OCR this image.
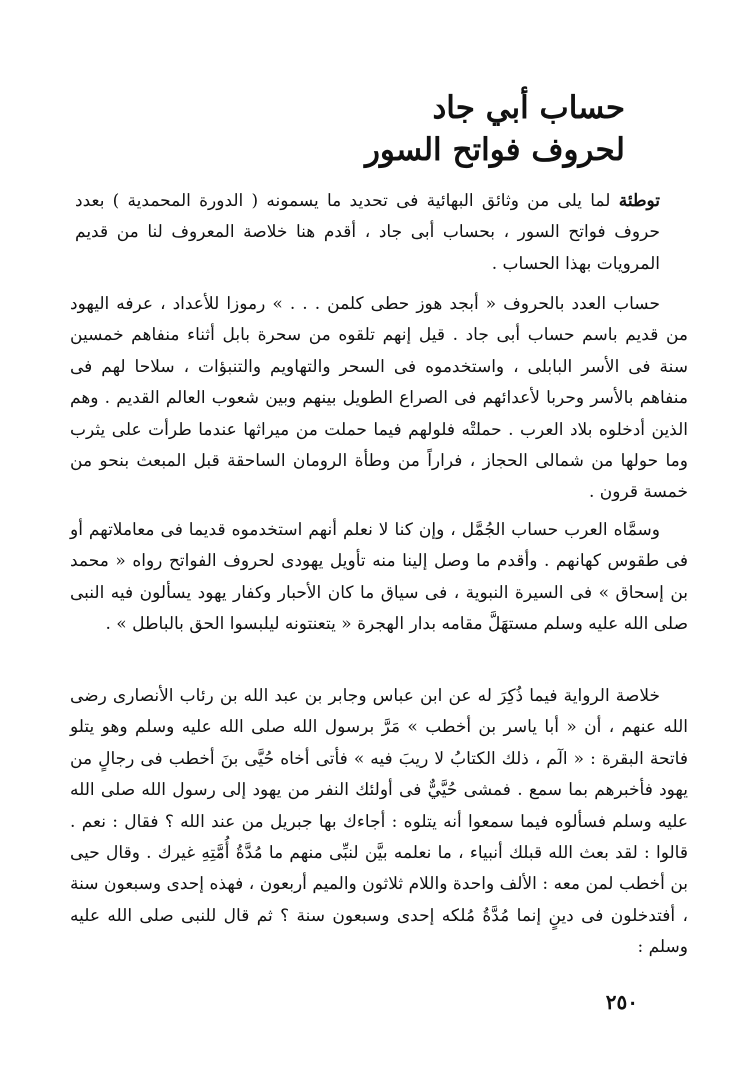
حساب أبي جاد
لحروف فواتح السور
توطئة لما يلى من وثائق البهائية فى تحديد ما يسمونه ( الدورة المحمدية ) بعدد حروف فواتح السور ، بحساب أبى جاد ، أقدم هنا خلاصة المعروف لنا من قديم المرويات بهذا الحساب .
حساب العدد بالحروف « أبجد هوز حطى كلمن . . . » رموزا للأعداد ، عرفه اليهود من قديم باسم حساب أبى جاد . قيل إنهم تلقوه من سحرة بابل أثناء منفاهم خمسين سنة فى الأسر البابلى ، واستخدموه فى السحر والتهاويم والتنبؤات ، سلاحا لهم فى منفاهم بالأسر وحربا لأعدائهم فى الصراع الطويل بينهم وبين شعوب العالم القديم . وهم الذين أدخلوه بلاد العرب . حملتْه فلولهم فيما حملت من ميراثها عندما طرأت على يثرب وما حولها من شمالى الحجاز ، فراراً من وطأة الرومان الساحقة قبل المبعث بنحو من خمسة قرون .
وسمَّاه العرب حساب الجُمَّل ، وإن كنا لا نعلم أنهم استخدموه قديما فى معاملاتهم أو فى طقوس كهانهم . وأقدم ما وصل إلينا منه تأويل يهودى لحروف الفواتح رواه « محمد بن إسحاق » فى السيرة النبوية ، فى سياق ما كان الأحبار وكفار يهود يسألون فيه النبى صلى الله عليه وسلم مستهَلَّ مقامه بدار الهجرة « يتعنتونه ليلبسوا الحق بالباطل » .
خلاصة الرواية فيما ذُكِرَ له عن ابن عباس وجابر بن عبد الله بن رئاب الأنصارى رضى الله عنهم ، أن « أبا ياسر بن أخطب » مَرَّ برسول الله صلى الله عليه وسلم وهو يتلو فاتحة البقرة : « الٓم ، ذلك الكتابُ لا ريبَ فيه » فأتى أخاه حُيَّى بنَ أخطب فى رجالٍ من يهود فأخبرهم بما سمع . فمشى حُيَّيٌّ فى أولئك النفر من يهود إلى رسول الله صلى الله عليه وسلم فسألوه فيما سمعوا أنه يتلوه : أجاءك بها جبريل من عند الله ؟ فقال : نعم . قالوا : لقد بعث الله قبلك أنبياء ، ما نعلمه بيَّن لنبِّى منهم ما مُدَّةُ أُمَّتِهِ غيرك . وقال حيى بن أخطب لمن معه : الألف واحدة واللام ثلاثون والميم أربعون ، فهذه إحدى وسبعون سنة ، أفتدخلون فى دينٍ إنما مُدَّةُ مُلكه إحدى وسبعون سنة ؟ ثم قال للنبى صلى الله عليه وسلم :
٢٥٠
